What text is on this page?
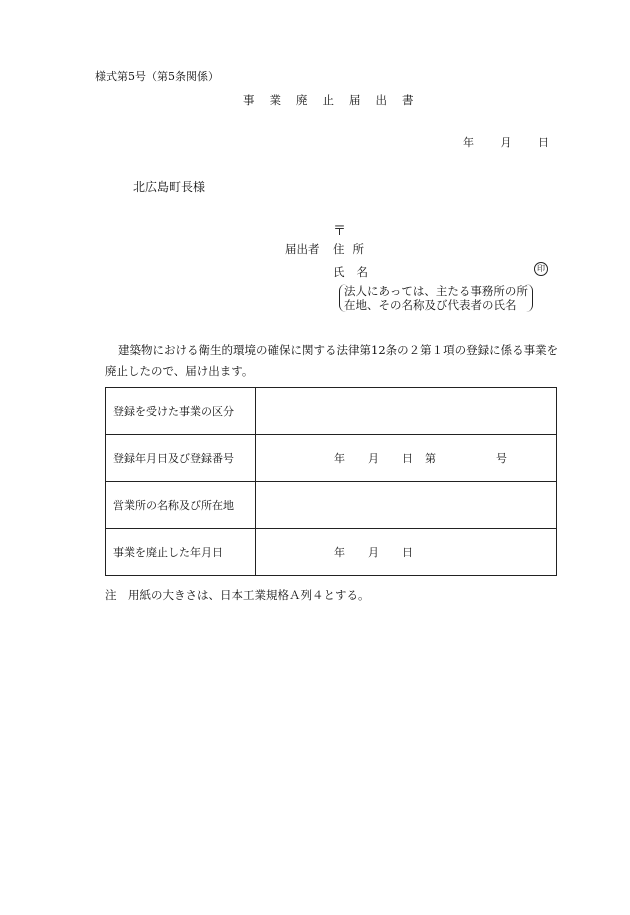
様式第5号（第5条関係）
事業廃止届出書
年 月 日
北広島町長様
〒
届出者 住所
氏名	印
法人にあっては、主たる事務所の所
在地、その名称及び代表者の氏名
建築物における衛生的環境の確保に関する法律第12条の２第１項の登録に係る事業を廃止したので、届け出ます。
登録を受けた事業の区分	
登録年月日及び登録番号	年 月 日 第 号

営業所の名称及び所在地	
事業を廃止した年月日	年 月 日
注　用紙の大きさは、日本工業規格Ａ列４とする。
